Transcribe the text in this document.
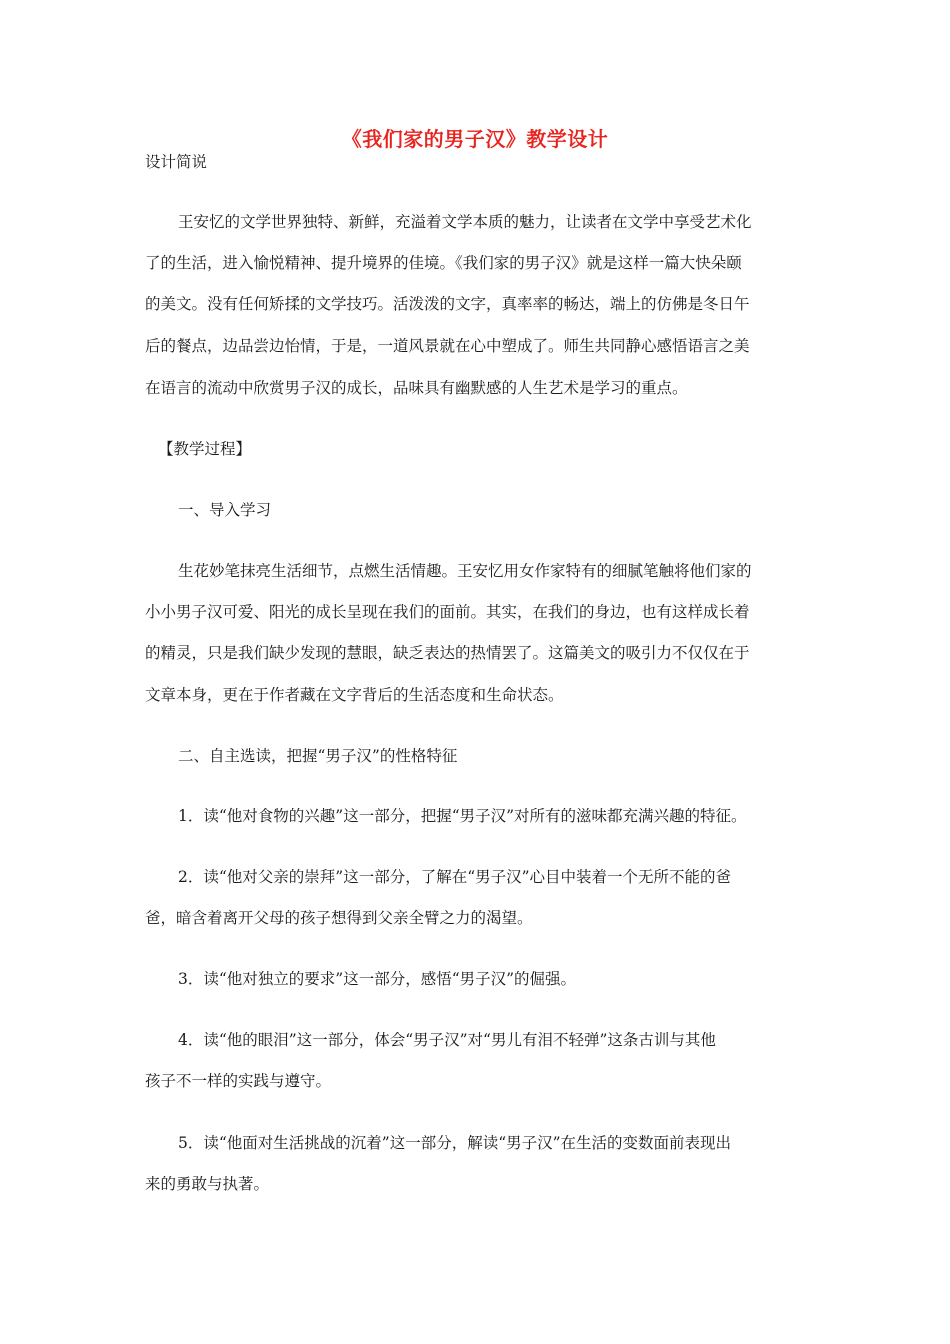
《我们家的男子汉》教学设计
设计简说
王安忆的文学世界独特、新鲜，充溢着文学本质的魅力，让读者在文学中享受艺术化
了的生活，进入愉悦精神、提升境界的佳境。《我们家的男子汉》就是这样一篇大快朵颐
的美文。没有任何矫揉的文学技巧。活泼泼的文字，真率率的畅达，端上的仿佛是冬日午
后的餐点，边品尝边怡情，于是，一道风景就在心中塑成了。师生共同静心感悟语言之美
在语言的流动中欣赏男子汉的成长，品味具有幽默感的人生艺术是学习的重点。
【教学过程】
一、导入学习
生花妙笔抹亮生活细节，点燃生活情趣。王安忆用女作家特有的细腻笔触将他们家的
小小男子汉可爱、阳光的成长呈现在我们的面前。其实，在我们的身边，也有这样成长着
的精灵，只是我们缺少发现的慧眼，缺乏表达的热情罢了。这篇美文的吸引力不仅仅在于
文章本身，更在于作者藏在文字背后的生活态度和生命状态。
二、自主选读，把握“男子汉”的性格特征
1．读“他对食物的兴趣”这一部分，把握“男子汉”对所有的滋味都充满兴趣的特征。
2．读“他对父亲的崇拜”这一部分，了解在“男子汉”心目中装着一个无所不能的爸
爸，暗含着离开父母的孩子想得到父亲全臂之力的渴望。
3．读“他对独立的要求”这一部分，感悟“男子汉”的倔强。
4．读“他的眼泪”这一部分，体会“男子汉”对“男儿有泪不轻弹”这条古训与其他
孩子不一样的实践与遵守。
5．读“他面对生活挑战的沉着”这一部分，解读“男子汉”在生活的变数面前表现出
来的勇敢与执著。
